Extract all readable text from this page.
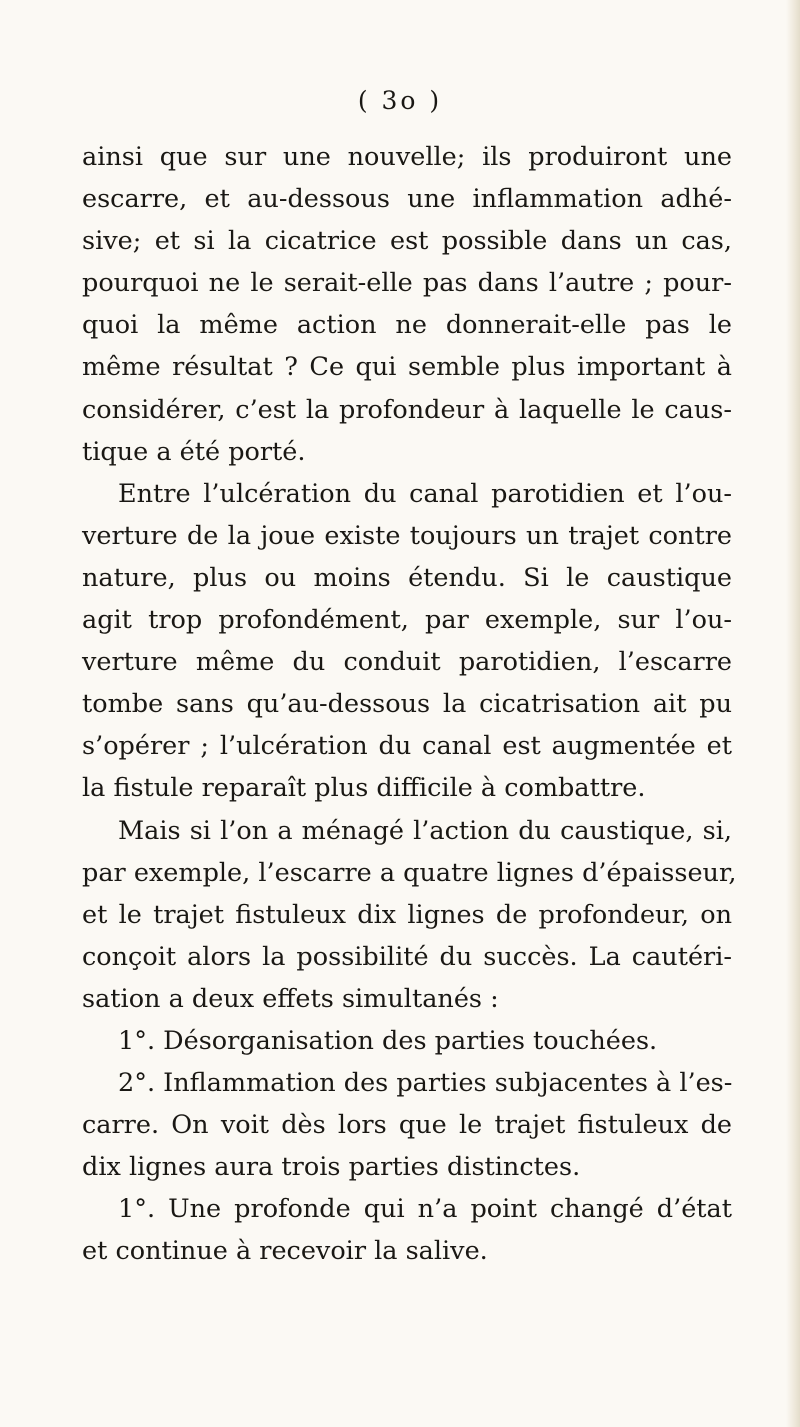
( 3o )
ainsi que sur une nouvelle; ils produiront une
escarre, et au-dessous une inflammation adhé-
sive; et si la cicatrice est possible dans un cas,
pourquoi ne le serait-elle pas dans l’autre ; pour-
quoi la même action ne donnerait-elle pas le
même résultat ? Ce qui semble plus important à
considérer, c’est la profondeur à laquelle le caus-
tique a été porté.
Entre l’ulcération du canal parotidien et l’ou-
verture de la joue existe toujours un trajet contre
nature, plus ou moins étendu. Si le caustique
agit trop profondément, par exemple, sur l’ou-
verture même du conduit parotidien, l’escarre
tombe sans qu’au-dessous la cicatrisation ait pu
s’opérer ; l’ulcération du canal est augmentée et
la fistule reparaît plus difficile à combattre.
Mais si l’on a ménagé l’action du caustique, si,
par exemple, l’escarre a quatre lignes d’épaisseur,
et le trajet fistuleux dix lignes de profondeur, on
conçoit alors la possibilité du succès. La cautéri-
sation a deux effets simultanés :
1°. Désorganisation des parties touchées.
2°. Inflammation des parties subjacentes à l’es-
carre. On voit dès lors que le trajet fistuleux de
dix lignes aura trois parties distinctes.
1°. Une profonde qui n’a point changé d’état
et continue à recevoir la salive.
